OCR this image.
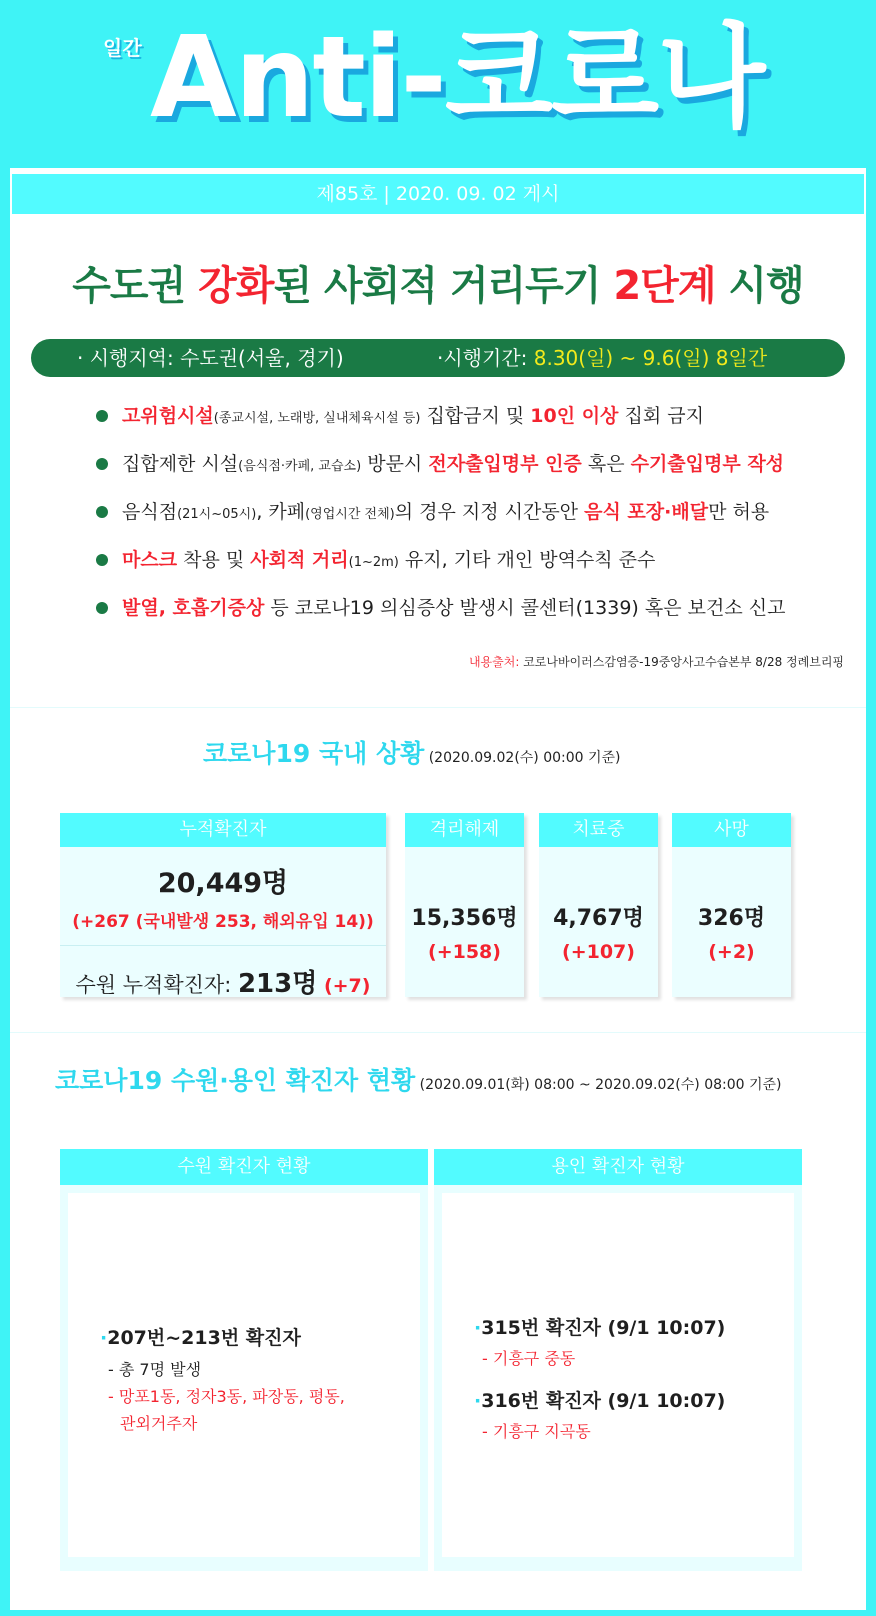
일간 Anti-코로나
제85호 | 2020. 09. 02 게시
수도권 강화된 사회적 거리두기 2단계 시행
· 시행지역: 수도권(서울, 경기)	·시행기간: 8.30(일) ~ 9.6(일) 8일간
고위험시설(종교시설, 노래방, 실내체육시설 등) 집합금지 및 10인 이상 집회 금지
집합제한 시설(음식점·카페, 교습소) 방문시 전자출입명부 인증 혹은 수기출입명부 작성
음식점(21시~05시), 카페(영업시간 전체)의 경우 지정 시간동안 음식 포장·배달만 허용
마스크 착용 및 사회적 거리(1~2m) 유지, 기타 개인 방역수칙 준수
발열, 호흡기증상 등 코로나19 의심증상 발생시 콜센터(1339) 혹은 보건소 신고
내용출처: 코로나바이러스감염증-19중앙사고수습본부 8/28 정례브리핑
코로나19 국내 상황 (2020.09.02(수) 00:00 기준)
누적확진자
20,449명
(+267 (국내발생 253, 해외유입 14))
수원 누적확진자: 213명 (+7)
격리해제
15,356명
(+158)
치료중
4,767명
(+107)
사망
326명
(+2)
코로나19 수원·용인 확진자 현황 (2020.09.01(화) 08:00 ~ 2020.09.02(수) 08:00 기준)
수원 확진자 현황
·207번~213번 확진자
- 총 7명 발생
- 망포1동, 정자3동, 파장동, 평동,
관외거주자
용인 확진자 현황
·315번 확진자 (9/1 10:07)
- 기흥구 중동
·316번 확진자 (9/1 10:07)
- 기흥구 지곡동
